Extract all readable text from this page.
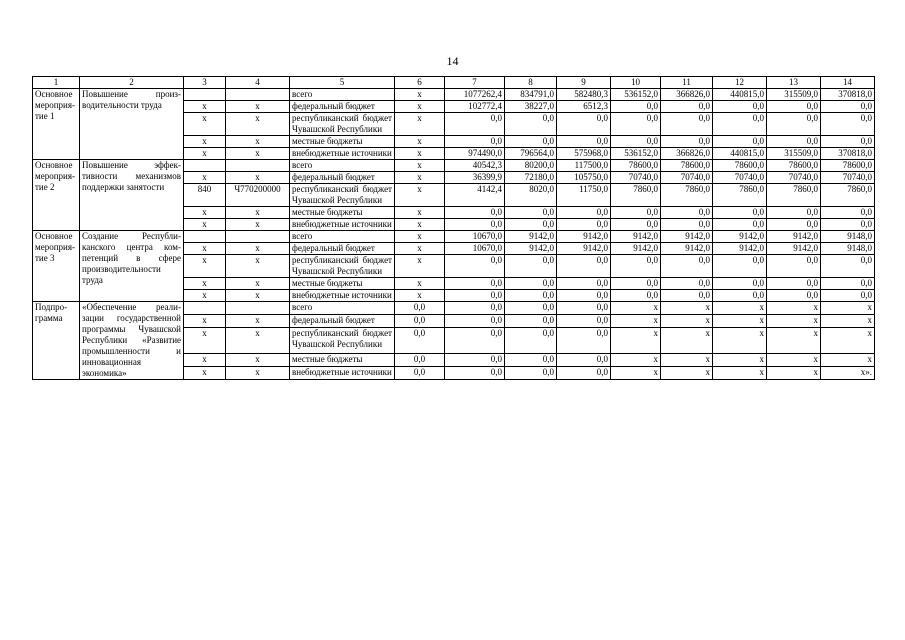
14
1	2	3	4	5	6	7	8	9	10	11	12	13	14
Основное мероприятие 1	Повышение производительности труда			всего	x	1077262,4	834791,0	582480,3	536152,0	366826,0	440815,0	315509,0	370818,0
		x	x	федеральный бюджет	x	102772,4	38227,0	6512,3	0,0	0,0	0,0	0,0	0,0
		x	x	республиканский бюджет Чувашской Республики	x	0,0	0,0	0,0	0,0	0,0	0,0	0,0	0,0
		x	x	местные бюджеты	x	0,0	0,0	0,0	0,0	0,0	0,0	0,0	0,0
		x	x	внебюджетные источники	x	974490,0	796564,0	575968,0	536152,0	366826,0	440815,0	315509,0	370818,0
Основное мероприятие 2	Повышение эффективности механизмов поддержки занятости			всего	x	40542,3	80200,0	117500,0	78600,0	78600,0	78600,0	78600,0	78600,0
		x	x	федеральный бюджет	x	36399,9	72180,0	105750,0	70740,0	70740,0	70740,0	70740,0	70740,0
		840	Ч770200000	республиканский бюджет Чувашской Республики	x	4142,4	8020,0	11750,0	7860,0	7860,0	7860,0	7860,0	7860,0
		x	x	местные бюджеты	x	0,0	0,0	0,0	0,0	0,0	0,0	0,0	0,0
		x	x	внебюджетные источники	x	0,0	0,0	0,0	0,0	0,0	0,0	0,0	0,0
Основное мероприятие 3	Создание Республиканского центра компетенций в сфере производительности труда			всего	x	10670,0	9142,0	9142,0	9142,0	9142,0	9142,0	9142,0	9148,0
		x	x	федеральный бюджет	x	10670,0	9142,0	9142,0	9142,0	9142,0	9142,0	9142,0	9148,0
		x	x	республиканский бюджет Чувашской Республики	x	0,0	0,0	0,0	0,0	0,0	0,0	0,0	0,0
		x	x	местные бюджеты	x	0,0	0,0	0,0	0,0	0,0	0,0	0,0	0,0
		x	x	внебюджетные источники	x	0,0	0,0	0,0	0,0	0,0	0,0	0,0	0,0
Подпрограмма	«Обеспечение реализации государственной программы Чувашской Республики «Развитие промышленности и инновационная экономика»			всего	0,0	0,0	0,0	0,0	x	x	x	x	x
		x	x	федеральный бюджет	0,0	0,0	0,0	0,0	x	x	x	x	x
		x	x	республиканский бюджет Чувашской Республики	0,0	0,0	0,0	0,0	x	x	x	x	x
		x	x	местные бюджеты	0,0	0,0	0,0	0,0	x	x	x	x	x
		x	x	внебюджетные источники	0,0	0,0	0,0	0,0	x	x	x	x	x».
